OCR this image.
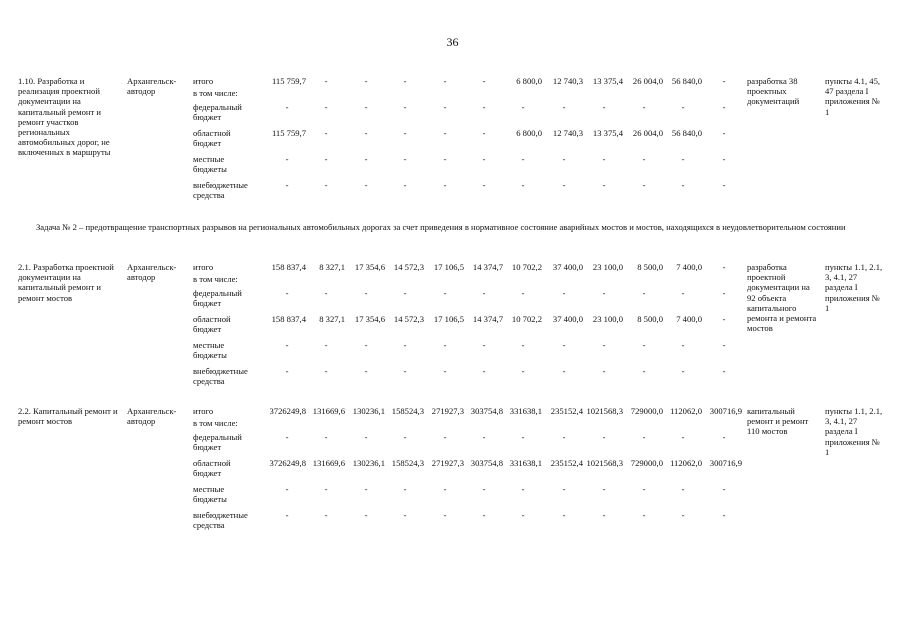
36
1.10. Разработка и реализация проектной документации на капитальный ремонт и ремонт участков региональных автомобильных дорог, не включенных в маршруты
Архангельск-автодор
разработка 38 проектных документаций
пункты 4.1, 45, 47 раздела I приложения № 1
итого	115 759,7	-	-	-	-	-	6 800,0	12 740,3	13 375,4	26 004,0	56 840,0	-
в том числе:
федеральный бюджет
-	-	-	-	-	-	-	-	-	-	-	-
областной бюджет
115 759,7	-	-	-	-	-	6 800,0	12 740,3	13 375,4	26 004,0	56 840,0	-
местные бюджеты
-	-	-	-	-	-	-	-	-	-	-	-
внебюджетные средства
-	-	-	-	-	-	-	-	-	-	-	-
Задача № 2 – предотвращение транспортных разрывов на региональных автомобильных дорогах за счет приведения в нормативное состояние аварийных мостов и мостов, находящихся в неудовлетворительном состоянии
2.1. Разработка проектной документации на капитальный ремонт и ремонт мостов
Архангельск-автодор
разработка проектной документации на 92 объекта капитального ремонта и ремонта мостов
пункты 1.1, 2.1, 3, 4.1, 27 раздела I приложения № 1
итого	158 837,4	8 327,1	17 354,6	14 572,3	17 106,5	14 374,7	10 702,2	37 400,0	23 100,0	8 500,0	7 400,0	-
в том числе:
федеральный бюджет
-	-	-	-	-	-	-	-	-	-	-	-
областной бюджет
158 837,4	8 327,1	17 354,6	14 572,3	17 106,5	14 374,7	10 702,2	37 400,0	23 100,0	8 500,0	7 400,0	-
местные бюджеты
-	-	-	-	-	-	-	-	-	-	-	-
внебюджетные средства
-	-	-	-	-	-	-	-	-	-	-	-
2.2. Капитальный ремонт и ремонт мостов
Архангельск-автодор
капитальный ремонт и ремонт 110 мостов
пункты 1.1, 2.1, 3, 4.1, 27 раздела I приложения № 1
итого	3726249,8 131669,6 130236,1 158524,3 271927,3 303754,8 331638,1	235152,4 1021568,3 729000,0 112062,0 300716,9
в том числе:
федеральный бюджет
-	-	-	-	-	-	-	-	-	-	-	-
областной бюджет
3726249,8 131669,6 130236,1 158524,3 271927,3 303754,8 331638,1	235152,4 1021568,3 729000,0 112062,0 300716,9
местные бюджеты
-	-	-	-	-	-	-	-	-	-	-	-
внебюджетные средства
-	-	-	-	-	-	-	-	-	-	-	-
